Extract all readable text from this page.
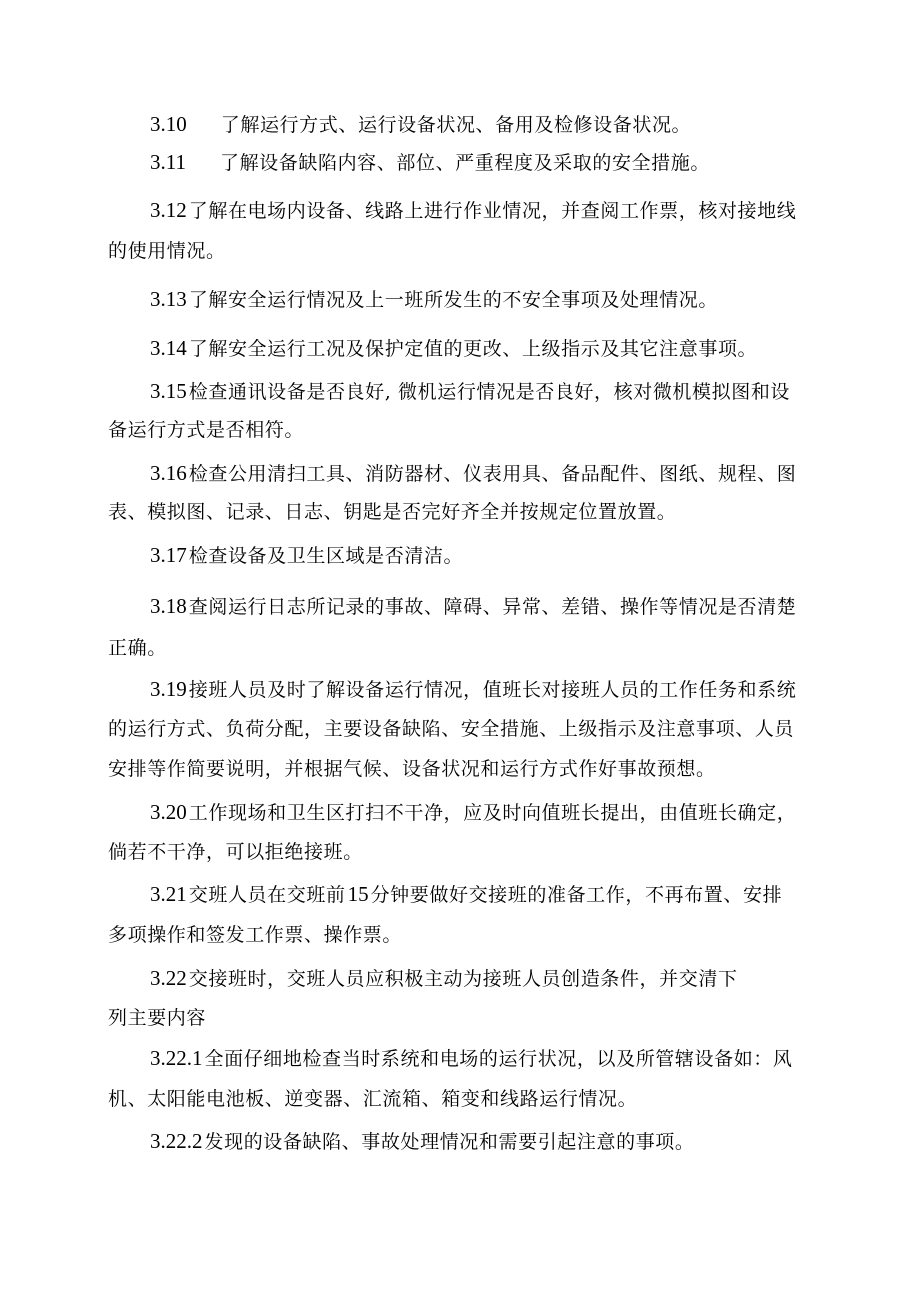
3.10 了解运行方式、运行设备状况、备用及检修设备状况。
3.11 了解设备缺陷内容、部位、严重程度及采取的安全措施。
3.12 了解在电场内设备、线路上进行作业情况，并查阅工作票，核对接地线
的使用情况。
3.13 了解安全运行情况及上一班所发生的不安全事项及处理情况。
3.14 了解安全运行工况及保护定值的更改、上级指示及其它注意事项。
3.15 检查通讯设备是否良好, 微机运行情况是否良好，核对微机模拟图和设
备运行方式是否相符。
3.16 检查公用清扫工具、消防器材、仪表用具、备品配件、图纸、规程、图
表、模拟图、记录、日志、钥匙是否完好齐全并按规定位置放置。
3.17 检查设备及卫生区域是否清洁。
3.18 查阅运行日志所记录的事故、障碍、异常、差错、操作等情况是否清楚
正确。
3.19 接班人员及时了解设备运行情况，值班长对接班人员的工作任务和系统
的运行方式、负荷分配，主要设备缺陷、安全措施、上级指示及注意事项、人员
安排等作简要说明，并根据气候、设备状况和运行方式作好事故预想。
3.20 工作现场和卫生区打扫不干净，应及时向值班长提出，由值班长确定，
倘若不干净，可以拒绝接班。
3.21 交班人员在交班前15 分钟要做好交接班的准备工作，不再布置、安排
多项操作和签发工作票、操作票。
3.22 交接班时，交班人员应积极主动为接班人员创造条件，并交清下
列主要内容
3.22.1 全面仔细地检查当时系统和电场的运行状况，以及所管辖设备如：风
机、太阳能电池板、逆变器、汇流箱、箱变和线路运行情况。
3.22.2 发现的设备缺陷、事故处理情况和需要引起注意的事项。
